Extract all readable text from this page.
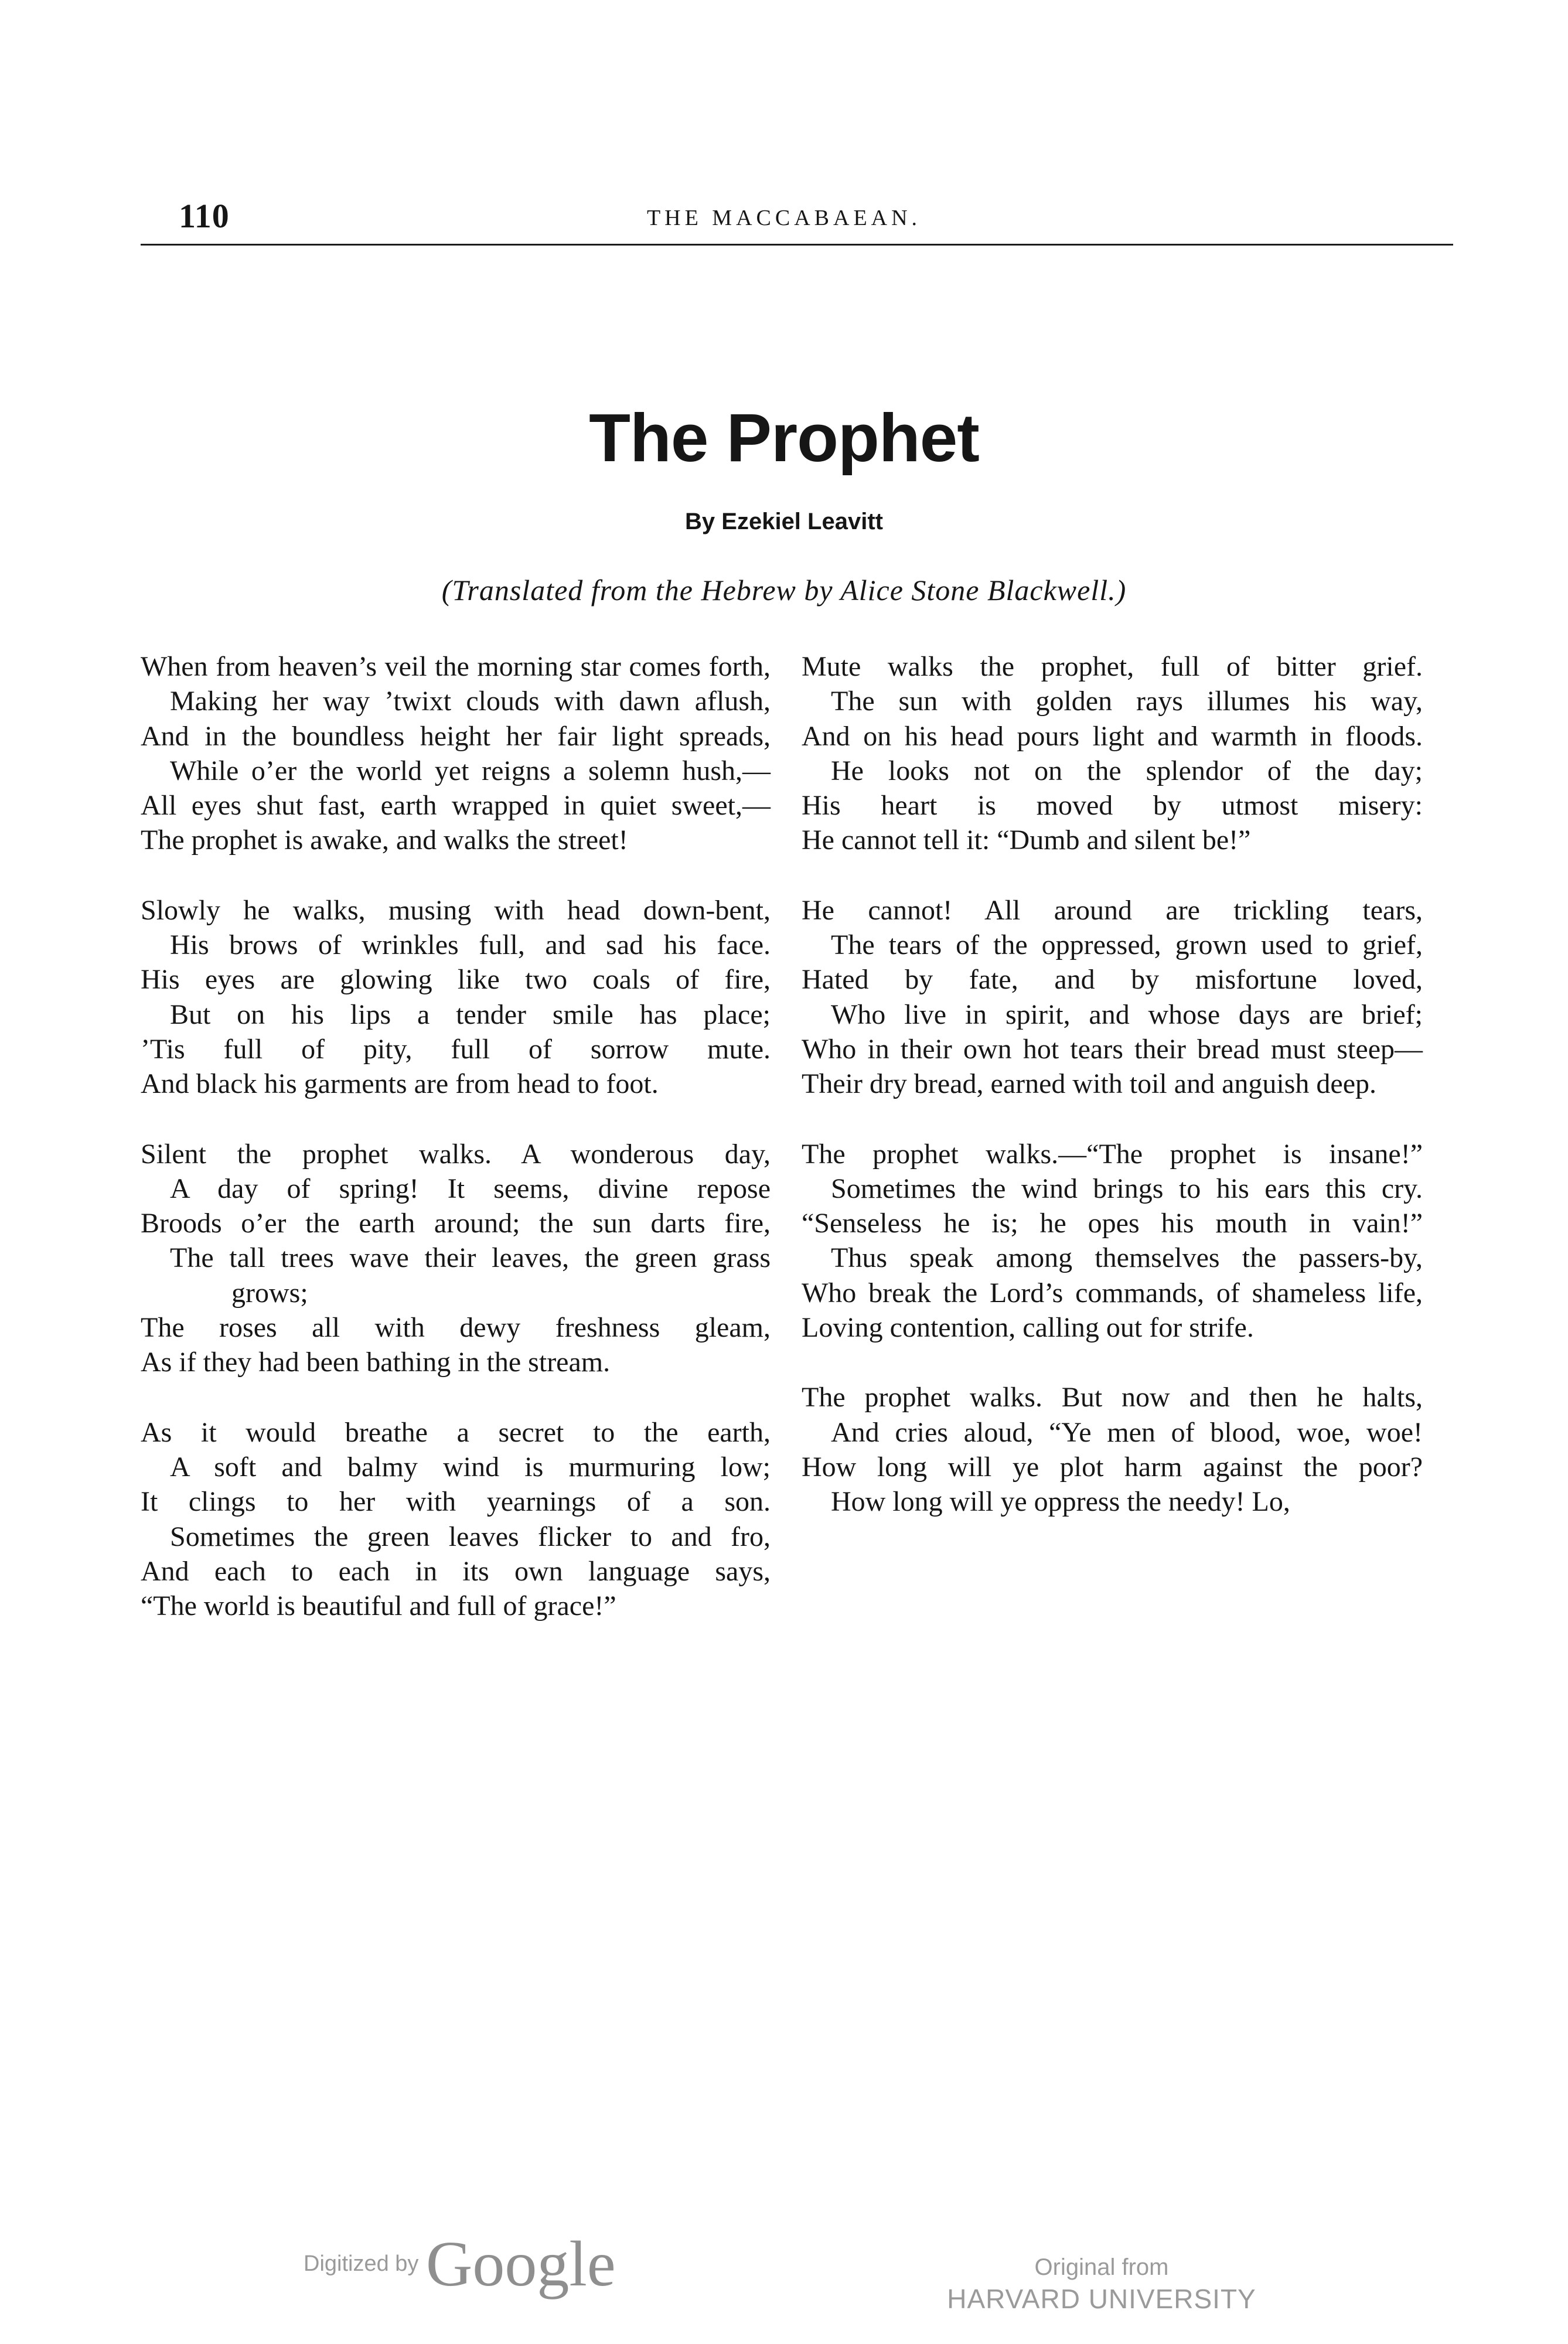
110	THE MACCABAEAN.
The Prophet
By Ezekiel Leavitt
(Translated from the Hebrew by Alice Stone Blackwell.)
When from heaven’s veil the morning star comes forth,
Making her way ’twixt clouds with dawn aflush,
And in the boundless height her fair light spreads,
While o’er the world yet reigns a solemn hush,—
All eyes shut fast, earth wrapped in quiet sweet,—
The prophet is awake, and walks the street!
Slowly he walks, musing with head down-bent,
His brows of wrinkles full, and sad his face.
His eyes are glowing like two coals of fire,
But on his lips a tender smile has place;
’Tis full of pity, full of sorrow mute.
And black his garments are from head to foot.
Silent the prophet walks. A wonderous day,
A day of spring! It seems, divine repose
Broods o’er the earth around; the sun darts fire,
The tall trees wave their leaves, the green grass grows;
The roses all with dewy freshness gleam,
As if they had been bathing in the stream.
As it would breathe a secret to the earth,
A soft and balmy wind is murmuring low;
It clings to her with yearnings of a son.
Sometimes the green leaves flicker to and fro,
And each to each in its own language says,
“The world is beautiful and full of grace!”
Mute walks the prophet, full of bitter grief.
The sun with golden rays illumes his way,
And on his head pours light and warmth in floods.
He looks not on the splendor of the day;
His heart is moved by utmost misery:
He cannot tell it: “Dumb and silent be!”
He cannot! All around are trickling tears,
The tears of the oppressed, grown used to grief,
Hated by fate, and by misfortune loved,
Who live in spirit, and whose days are brief;
Who in their own hot tears their bread must steep—
Their dry bread, earned with toil and anguish deep.
The prophet walks.—“The prophet is insane!”
Sometimes the wind brings to his ears this cry.
“Senseless he is; he opes his mouth in vain!”
Thus speak among themselves the passers-by,
Who break the Lord’s commands, of shameless life,
Loving contention, calling out for strife.
The prophet walks. But now and then he halts,
And cries aloud, “Ye men of blood, woe, woe!
How long will ye plot harm against the poor?
How long will ye oppress the needy! Lo,
Digitized by Google	Original from
HARVARD UNIVERSITY
